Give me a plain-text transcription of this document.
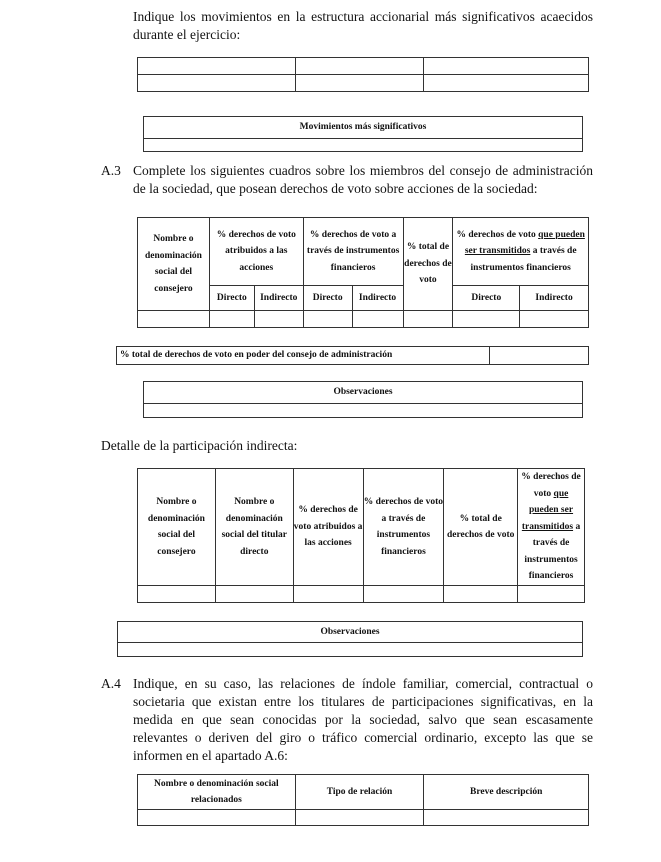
Indique los movimientos en la estructura accionarial más significativos acaecidos durante el ejercicio:

Movimientos más significativos

A.3 Complete los siguientes cuadros sobre los miembros del consejo de administración de la sociedad, que posean derechos de voto sobre acciones de la sociedad:
Nombre o denominación social del consejero	% derechos de voto atribuidos a las acciones		% derechos de voto a través de instrumentos financieros		% total de derechos de voto	% derechos de voto que pueden ser transmitidos a través de instrumentos financieros	
	Directo	Indirecto	Directo	Indirecto		Directo	Indirecto

% total de derechos de voto en poder del consejo de administración	
Observaciones

Detalle de la participación indirecta:
Nombre o denominación social del consejero	Nombre o denominación social del titular directo	% derechos de voto atribuidos a las acciones	% derechos de voto a través de instrumentos financieros	% total de derechos de voto	% derechos de voto que pueden ser transmitidos a través de instrumentos financieros

Observaciones

A.4 Indique, en su caso, las relaciones de índole familiar, comercial, contractual o societaria que existan entre los titulares de participaciones significativas, en la medida en que sean conocidas por la sociedad, salvo que sean escasamente relevantes o deriven del giro o tráfico comercial ordinario, excepto las que se informen en el apartado A.6:
Nombre o denominación social relacionados	Tipo de relación	Breve descripción
